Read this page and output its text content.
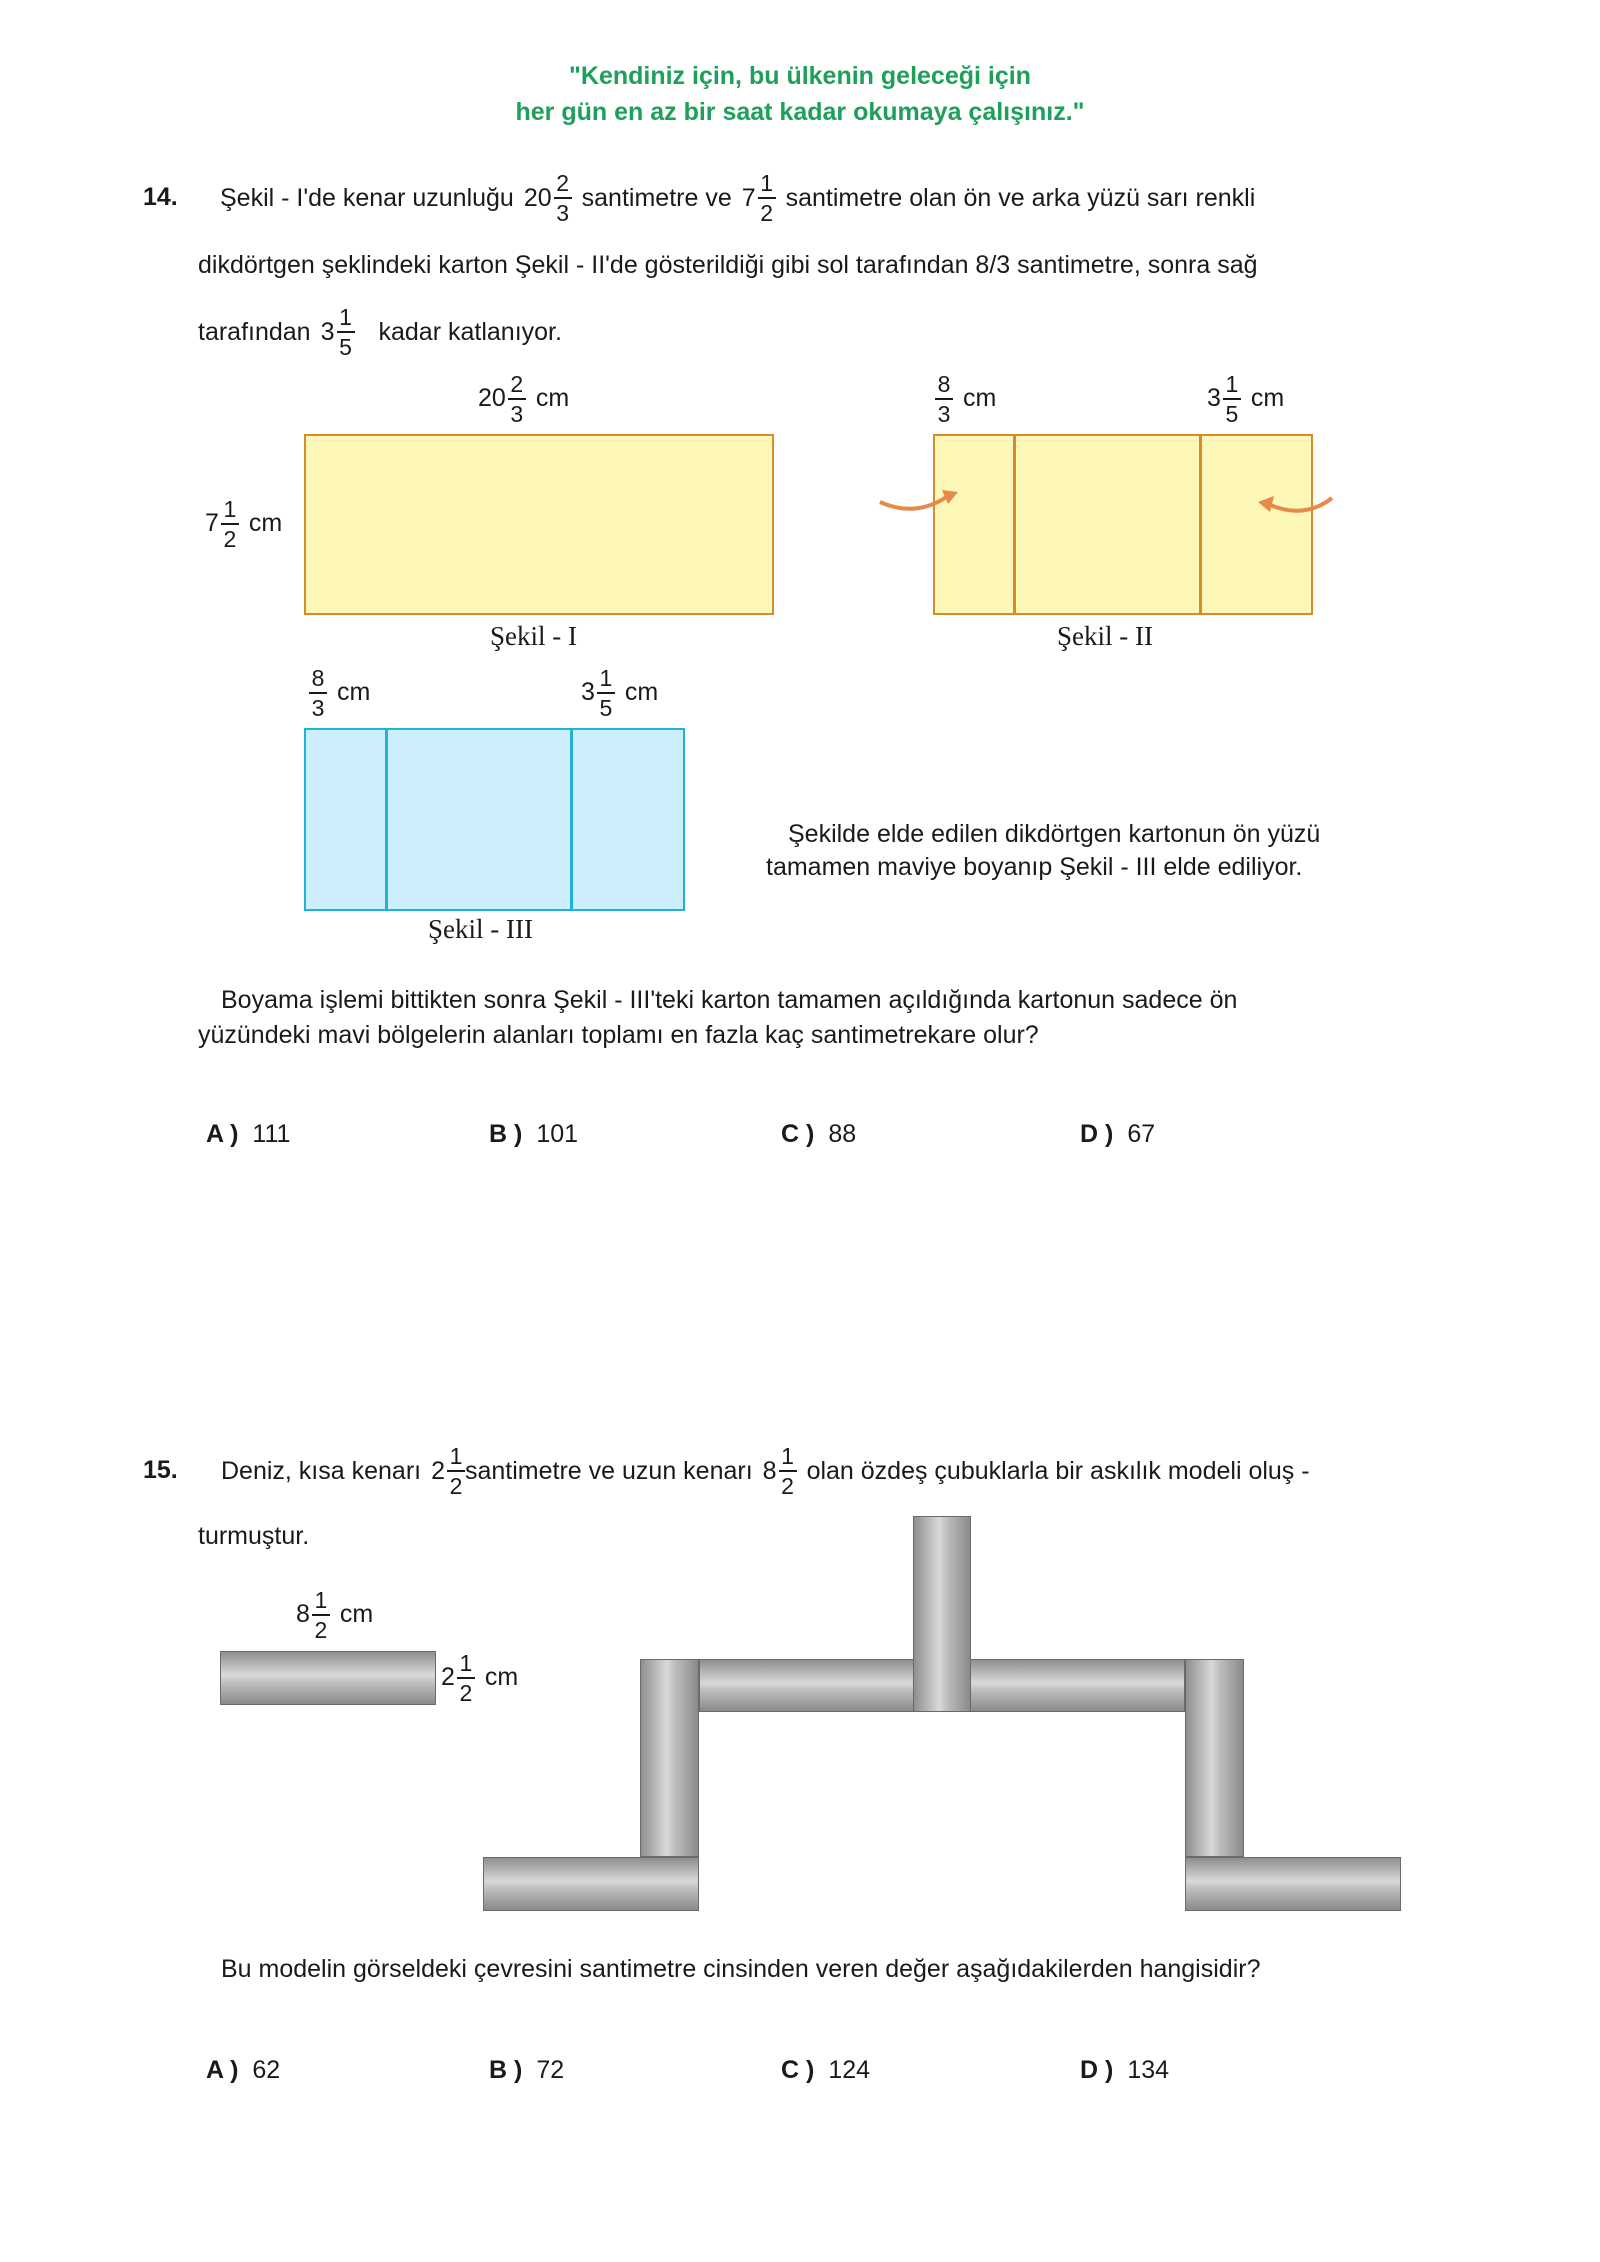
"Kendiniz için, bu ülkenin geleceği için
her gün en az bir saat kadar okumaya çalışınız."
14. Şekil - I'de kenar uzunluğu $20 \frac{2}{3}$ santimetre ve $7 \frac{1}{2}$ santimetre olan ön ve arka yüzü sarı renkli
dikdörtgen şeklindeki karton Şekil - II'de gösterildiği gibi sol tarafından 8/3 santimetre, sonra sağ
tarafından $3 \frac{1}{5}$ kadar katlanıyor.
$20 \frac{2}{3}$ cm
$7 \frac{1}{2}$ cm
Şekil - I
$\frac{8}{3}$ cm	$3 \frac{1}{5}$ cm
Şekil - II
$\frac{8}{3}$ cm	$3 \frac{1}{5}$ cm
Şekil - III
Şekilde elde edilen dikdörtgen kartonun ön yüzü
tamamen maviye boyanıp Şekil - III elde ediliyor.
Boyama işlemi bittikten sonra Şekil - III'teki karton tamamen açıldığında kartonun sadece ön
yüzündeki mavi bölgelerin alanları toplamı en fazla kaç santimetrekare olur?
A ) 111	B ) 101	C ) 88	D ) 67
15. Deniz, kısa kenarı $2 \frac{1}{2}$ santimetre ve uzun kenarı $8 \frac{1}{2}$ olan özdeş çubuklarla bir askılık modeli oluş -
turmuştur.
$8 \frac{1}{2}$ cm
$2 \frac{1}{2}$ cm
Bu modelin görseldeki çevresini santimetre cinsinden veren değer aşağıdakilerden hangisidir?
A ) 62	B ) 72	C ) 124	D ) 134
